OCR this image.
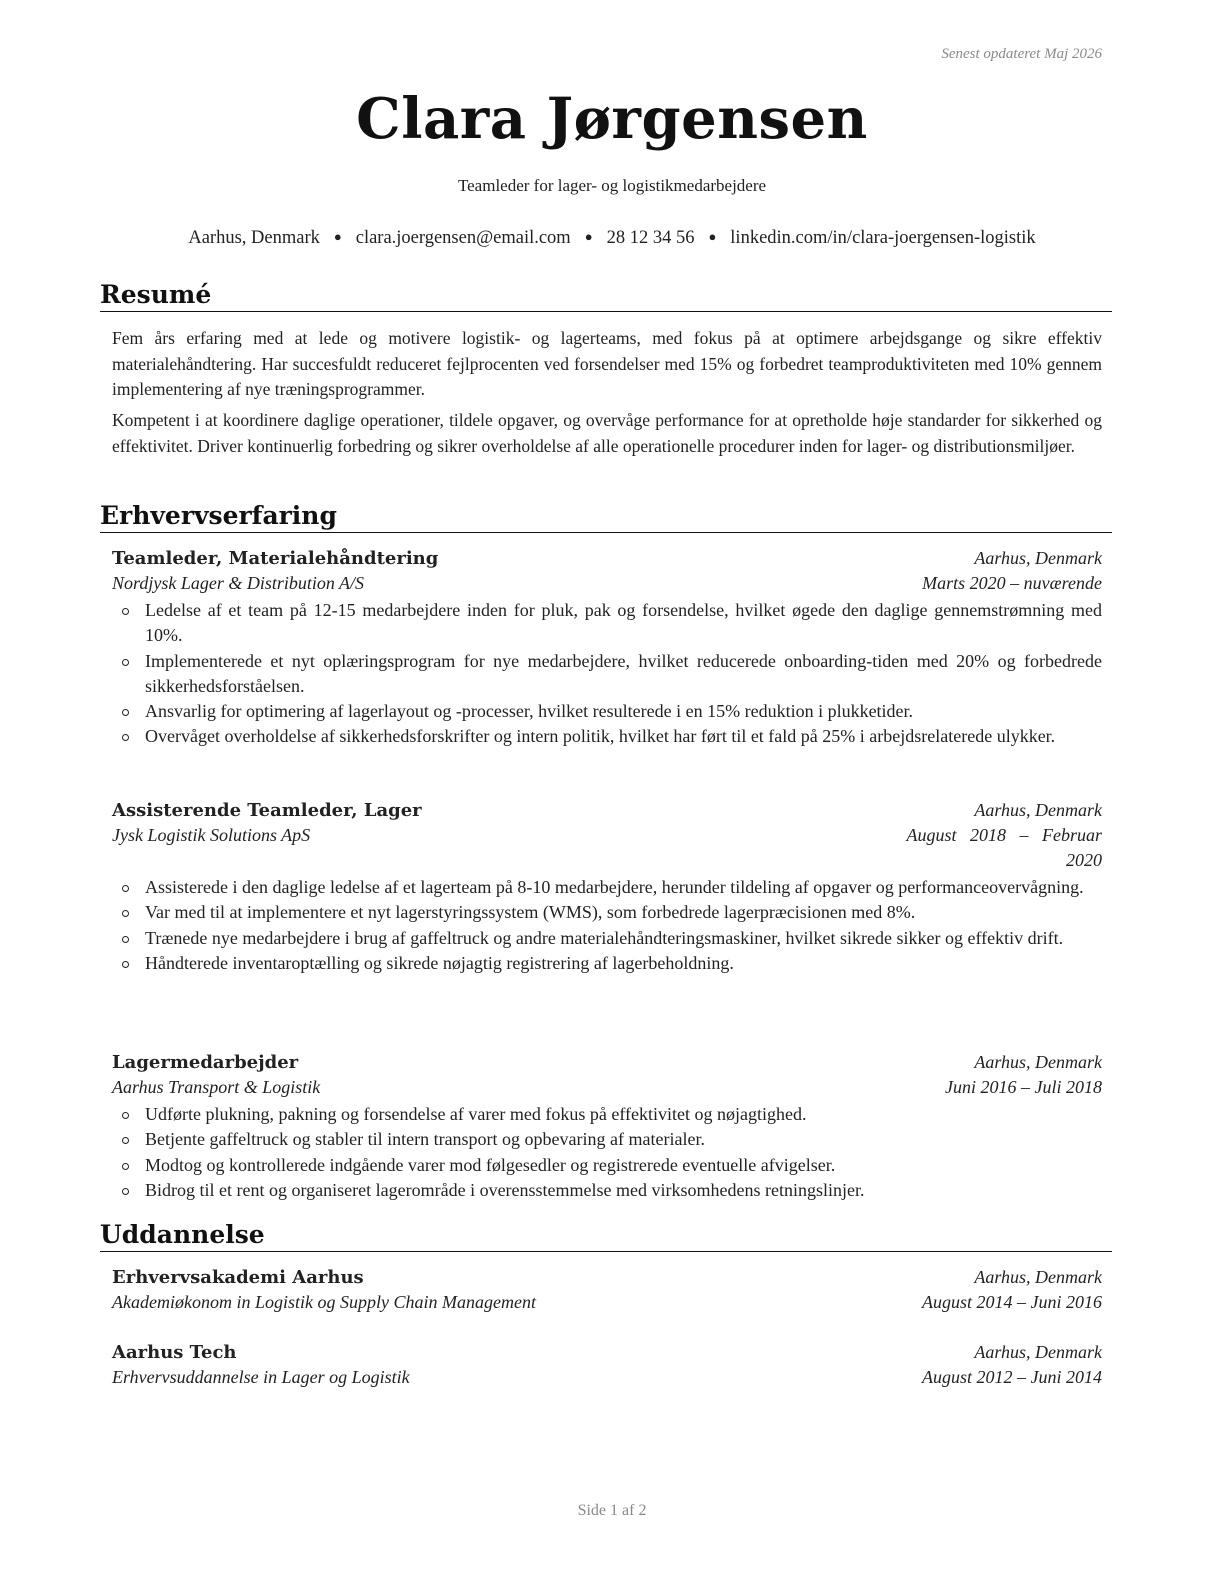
Senest opdateret Maj 2026
Clara Jørgensen
Teamleder for lager- og logistikmedarbejdere
Aarhus, Denmark ● clara.joergensen@email.com ● 28 12 34 56 ● linkedin.com/in/clara-joergensen-logistik
Resumé
Fem års erfaring med at lede og motivere logistik- og lagerteams, med fokus på at optimere arbejdsgange og sikre effektiv materialehåndtering. Har succesfuldt reduceret fejlprocenten ved forsendelser med 15% og forbedret teamproduktiviteten med 10% gennem implementering af nye træningsprogrammer.
Kompetent i at koordinere daglige operationer, tildele opgaver, og overvåge performance for at opretholde høje standarder for sikkerhed og effektivitet. Driver kontinuerlig forbedring og sikrer overholdelse af alle operationelle procedurer inden for lager- og distributionsmiljøer.
Erhvervserfaring
Teamleder, Materialehåndtering	Aarhus, Denmark
Nordjysk Lager & Distribution A/S	Marts 2020 – nuværende
Ledelse af et team på 12-15 medarbejdere inden for pluk, pak og forsendelse, hvilket øgede den daglige gennemstrømning med 10%.
Implementerede et nyt oplæringsprogram for nye medarbejdere, hvilket reducerede onboarding-tiden med 20% og forbedrede sikkerhedsforståelsen.
Ansvarlig for optimering af lagerlayout og -processer, hvilket resulterede i en 15% reduktion i plukketider.
Overvåget overholdelse af sikkerhedsforskrifter og intern politik, hvilket har ført til et fald på 25% i arbejdsrelaterede ulykker.
Assisterende Teamleder, Lager	Aarhus, Denmark
Jysk Logistik Solutions ApS	August   2018   –   Februar
2020
Assisterede i den daglige ledelse af et lagerteam på 8-10 medarbejdere, herunder tildeling af opgaver og performanceovervågning.
Var med til at implementere et nyt lagerstyringssystem (WMS), som forbedrede lagerpræcisionen med 8%.
Trænede nye medarbejdere i brug af gaffeltruck og andre materialehåndteringsmaskiner, hvilket sikrede sikker og effektiv drift.
Håndterede inventaroptælling og sikrede nøjagtig registrering af lagerbeholdning.
Lagermedarbejder	Aarhus, Denmark
Aarhus Transport & Logistik	Juni 2016 – Juli 2018
Udførte plukning, pakning og forsendelse af varer med fokus på effektivitet og nøjagtighed.
Betjente gaffeltruck og stabler til intern transport og opbevaring af materialer.
Modtog og kontrollerede indgående varer mod følgesedler og registrerede eventuelle afvigelser.
Bidrog til et rent og organiseret lagerområde i overensstemmelse med virksomhedens retningslinjer.
Uddannelse
Erhvervsakademi Aarhus	Aarhus, Denmark
Akademiøkonom in Logistik og Supply Chain Management	August 2014 – Juni 2016
Aarhus Tech	Aarhus, Denmark
Erhvervsuddannelse in Lager og Logistik	August 2012 – Juni 2014
Side 1 af 2
